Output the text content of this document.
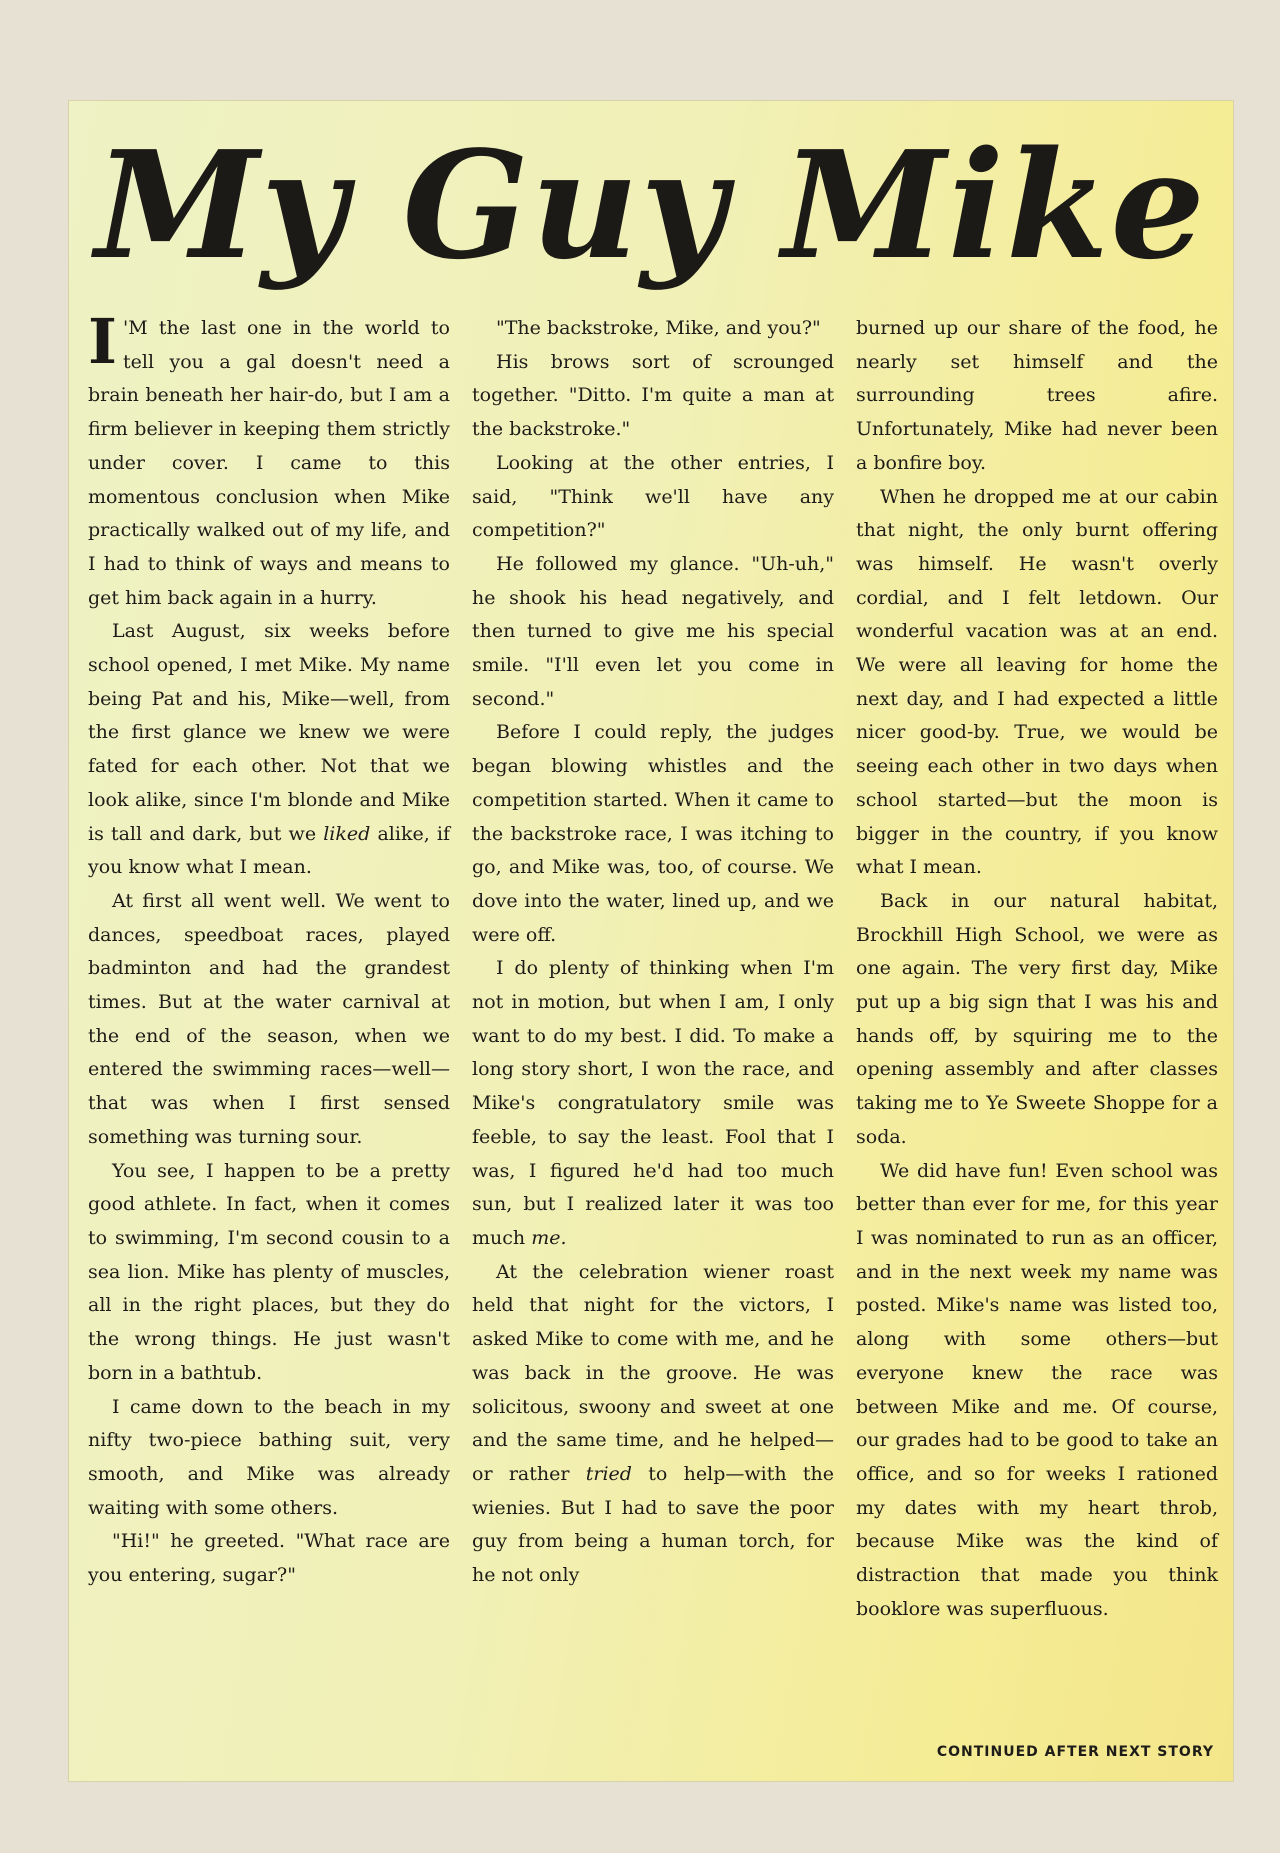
My Guy Mike

I 'M the last one in the world to tell you a gal doesn't need a brain beneath her hair-do, but I am a firm believer in keeping them strictly under cover. I came to this momentous conclusion when Mike practically walked out of my life, and I had to think of ways and means to get him back again in a hurry.

Last August, six weeks before school opened, I met Mike. My name being Pat and his, Mike—well, from the first glance we knew we were fated for each other. Not that we look alike, since I'm blonde and Mike is tall and dark, but we liked alike, if you know what I mean.

At first all went well. We went to dances, speedboat races, played badminton and had the grandest times. But at the water carnival at the end of the season, when we entered the swimming races—well—that was when I first sensed something was turning sour.

You see, I happen to be a pretty good athlete. In fact, when it comes to swimming, I'm second cousin to a sea lion. Mike has plenty of muscles, all in the right places, but they do the wrong things. He just wasn't born in a bathtub.

I came down to the beach in my nifty two-piece bathing suit, very smooth, and Mike was already waiting with some others.

"Hi!" he greeted. "What race are you entering, sugar?"

"The backstroke, Mike, and you?"

His brows sort of scrounged together. "Ditto. I'm quite a man at the backstroke."

Looking at the other entries, I said, "Think we'll have any competition?"

He followed my glance. "Uh-uh," he shook his head negatively, and then turned to give me his special smile. "I'll even let you come in second."

Before I could reply, the judges began blowing whistles and the competition started. When it came to the backstroke race, I was itching to go, and Mike was, too, of course. We dove into the water, lined up, and we were off.

I do plenty of thinking when I'm not in motion, but when I am, I only want to do my best. I did. To make a long story short, I won the race, and Mike's congratulatory smile was feeble, to say the least. Fool that I was, I figured he'd had too much sun, but I realized later it was too much me.

At the celebration wiener roast held that night for the victors, I asked Mike to come with me, and he was back in the groove. He was solicitous, swoony and sweet at one and the same time, and he helped—or rather tried to help—with the wienies. But I had to save the poor guy from being a human torch, for he not only

burned up our share of the food, he nearly set himself and the surrounding trees afire. Unfortunately, Mike had never been a bonfire boy.

When he dropped me at our cabin that night, the only burnt offering was himself. He wasn't overly cordial, and I felt letdown. Our wonderful vacation was at an end. We were all leaving for home the next day, and I had expected a little nicer good-by. True, we would be seeing each other in two days when school started—but the moon is bigger in the country, if you know what I mean.

Back in our natural habitat, Brockhill High School, we were as one again. The very first day, Mike put up a big sign that I was his and hands off, by squiring me to the opening assembly and after classes taking me to Ye Sweete Shoppe for a soda.

We did have fun! Even school was better than ever for me, for this year I was nominated to run as an officer, and in the next week my name was posted. Mike's name was listed too, along with some others—but everyone knew the race was between Mike and me. Of course, our grades had to be good to take an office, and so for weeks I rationed my dates with my heart throb, because Mike was the kind of distraction that made you think booklore was superfluous.

CONTINUED AFTER NEXT STORY
